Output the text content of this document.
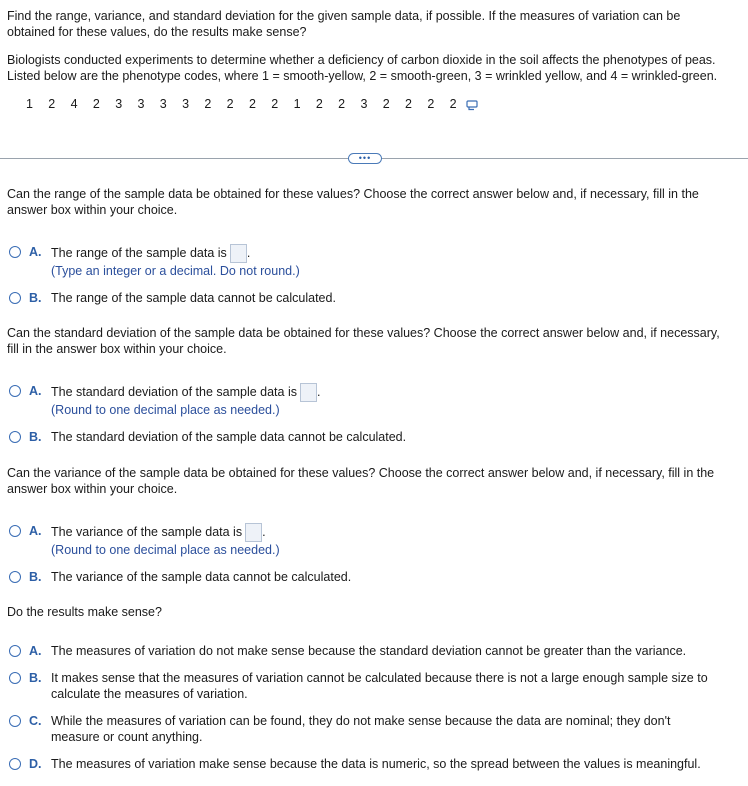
Find the range, variance, and standard deviation for the given sample data, if possible. If the measures of variation can be
obtained for these values, do the results make sense?

Biologists conducted experiments to determine whether a deficiency of carbon dioxide in the soil affects the phenotypes of peas.
Listed below are the phenotype codes, where 1 = smooth-yellow, 2 = smooth-green, 3 = wrinkled yellow, and 4 = wrinkled-green.

1	2	4	2	3	3	3	3	2	2	2	2	1	2	2	3	2	2	2	2
•••

Can the range of the sample data be obtained for these values? Choose the correct answer below and, if necessary, fill in the
answer box within your choice.

A. The range of the sample data is .
(Type an integer or a decimal. Do not round.)
B. The range of the sample data cannot be calculated.

Can the standard deviation of the sample data be obtained for these values? Choose the correct answer below and, if necessary,
fill in the answer box within your choice.

A. The standard deviation of the sample data is .
(Round to one decimal place as needed.)
B. The standard deviation of the sample data cannot be calculated.

Can the variance of the sample data be obtained for these values? Choose the correct answer below and, if necessary, fill in the
answer box within your choice.

A. The variance of the sample data is .
(Round to one decimal place as needed.)
B. The variance of the sample data cannot be calculated.

Do the results make sense?

A. The measures of variation do not make sense because the standard deviation cannot be greater than the variance.
B. It makes sense that the measures of variation cannot be calculated because there is not a large enough sample size to
calculate the measures of variation.
C. While the measures of variation can be found, they do not make sense because the data are nominal; they don't
measure or count anything.
D. The measures of variation make sense because the data is numeric, so the spread between the values is meaningful.
